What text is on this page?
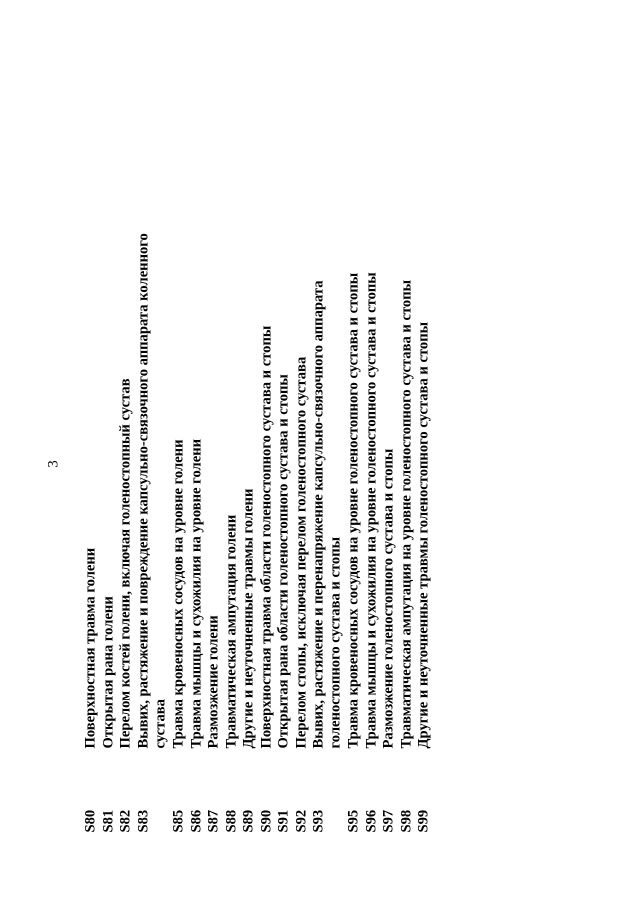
3
S80
Поверхностная травма голени
S81
Открытая рана голени
S82
Перелом костей голени, включая голеностопный сустав
S83
Вывих, растяжение и повреждение капсульно-связочного аппарата коленного
сустава
S85
Травма кровеносных сосудов на уровне голени
S86
Травма мышцы и сухожилия на уровне голени
S87
Размозжение голени
S88
Травматическая ампутация голени
S89
Другие и неуточненные травмы голени
S90
Поверхностная травма области голеностопного сустава и стопы
S91
Открытая рана области голеностопного сустава и стопы
S92
Перелом стопы, исключая перелом голеностопного сустава
S93
Вывих, растяжение и перенапряжение капсульно-связочного аппарата
голеностопного сустава и стопы
S95
Травма кровеносных сосудов на уровне голеностопного сустава и стопы
S96
Травма мышцы и сухожилия на уровне голеностопного сустава и стопы
S97
Размозжение голеностопного сустава и стопы
S98
Травматическая ампутация на уровне голеностопного сустава и стопы
S99
Другие и неуточненные травмы голеностопного сустава и стопы
